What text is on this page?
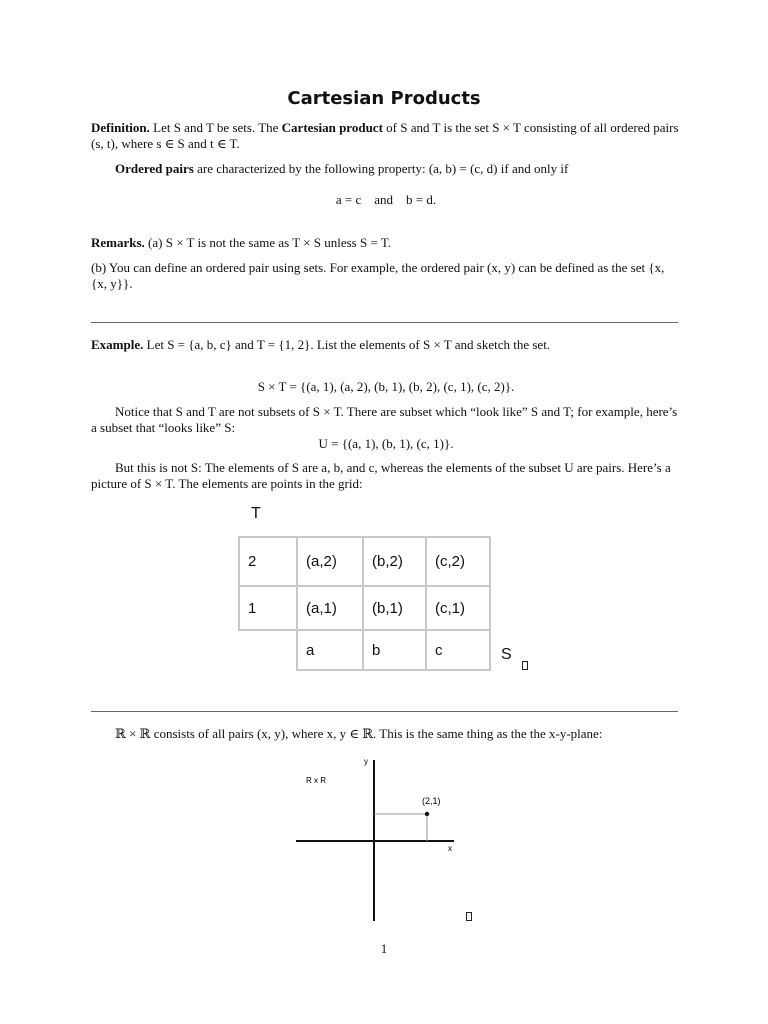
Cartesian Products
Definition. Let S and T be sets. The Cartesian product of S and T is the set S × T consisting of all ordered pairs (s, t), where s ∈ S and t ∈ T.
Ordered pairs are characterized by the following property: (a, b) = (c, d) if and only if
a = c    and    b = d.
Remarks. (a) S × T is not the same as T × S unless S = T.
(b) You can define an ordered pair using sets. For example, the ordered pair (x, y) can be defined as the set {x, {x, y}}.
Example. Let S = {a, b, c} and T = {1, 2}. List the elements of S × T and sketch the set.
S × T = {(a, 1), (a, 2), (b, 1), (b, 2), (c, 1), (c, 2)}.
Notice that S and T are not subsets of S × T. There are subset which “look like” S and T; for example, here’s a subset that “looks like” S:
U = {(a, 1), (b, 1), (c, 1)}.
But this is not S: The elements of S are a, b, and c, whereas the elements of the subset U are pairs. Here’s a picture of S × T. The elements are points in the grid:
T
2	(a,2)	(b,2)	(c,2)
1	(a,1)	(b,1)	(c,1)
	a	b	c	S
ℝ × ℝ consists of all pairs (x, y), where x, y ∈ ℝ. This is the same thing as the the x-y-plane:
(2,1)
x
y
R x R
1
